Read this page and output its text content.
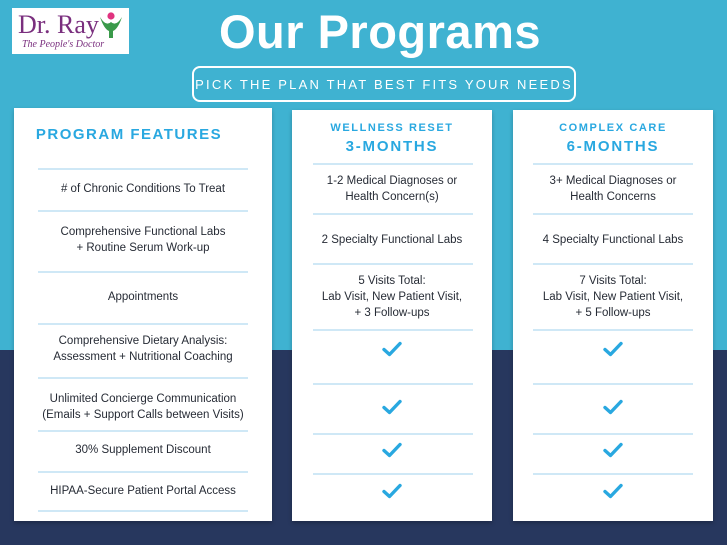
Dr. Ray
The People's Doctor	Our Programs
PICK THE PLAN THAT BEST FITS YOUR NEEDS
WELLNESS RESET
3-MONTHS
COMPLEX CARE
6-MONTHS
PROGRAM FEATURES
# of Chronic Conditions To Treat
Comprehensive Functional Labs
+ Routine Serum Work-up
Appointments
Comprehensive Dietary Analysis:
Assessment + Nutritional Coaching
Unlimited Concierge Communication
(Emails + Support Calls between Visits)
30% Supplement Discount
HIPAA-Secure Patient Portal Access
1-2 Medical Diagnoses or
Health Concern(s)
2 Specialty Functional Labs
5 Visits Total:
Lab Visit, New Patient Visit,
+ 3 Follow-ups
3+ Medical Diagnoses or
Health Concerns
4 Specialty Functional Labs
7 Visits Total:
Lab Visit, New Patient Visit,
+ 5 Follow-ups
